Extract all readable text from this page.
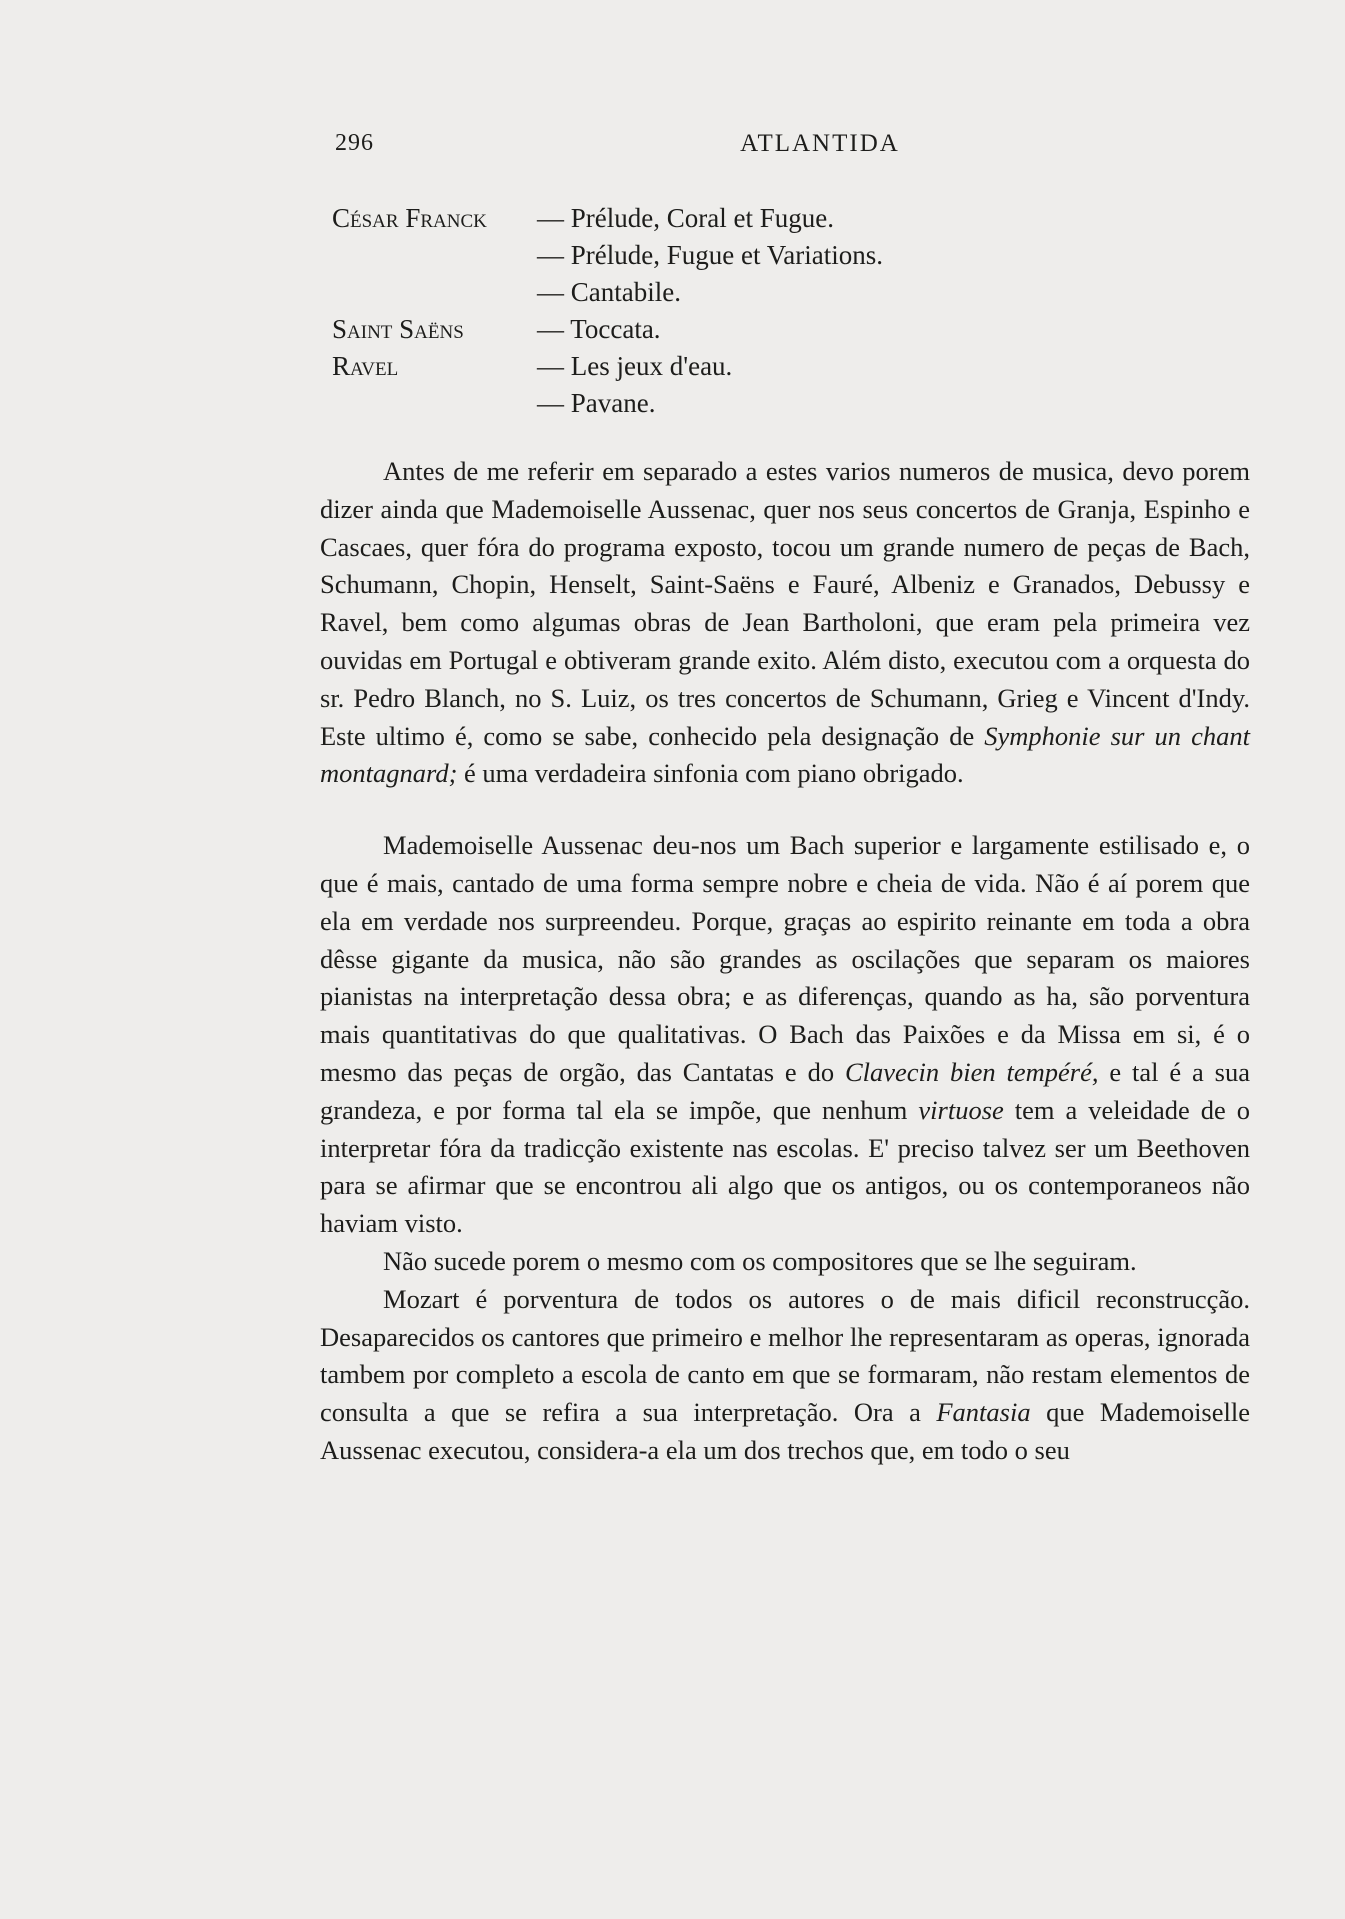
296	ATLANTIDA
César Franck — Prélude, Coral et Fugue.
— Prélude, Fugue et Variations.
— Cantabile.
Saint Saëns	— Toccata.
Ravel	— Les jeux d'eau.
— Pavane.

Antes de me referir em separado a estes varios numeros de musica, devo porem dizer ainda que Mademoiselle Aussenac, quer nos seus concertos de Granja, Espinho e Cascaes, quer fóra do programa exposto, tocou um grande numero de peças de Bach, Schumann, Chopin, Henselt, Saint-Saëns e Fauré, Albeniz e Granados, Debussy e Ravel, bem como algumas obras de Jean Bartholoni, que eram pela primeira vez ouvidas em Portugal e obtiveram grande exito. Além disto, executou com a orquesta do sr. Pedro Blanch, no S. Luiz, os tres concertos de Schumann, Grieg e Vincent d'Indy. Este ultimo é, como se sabe, conhecido pela designação de Symphonie sur un chant montagnard; é uma verdadeira sinfonia com piano obrigado.

Mademoiselle Aussenac deu-nos um Bach superior e largamente estilisado e, o que é mais, cantado de uma forma sempre nobre e cheia de vida. Não é aí porem que ela em verdade nos surpreendeu. Porque, graças ao espirito reinante em toda a obra dêsse gigante da musica, não são grandes as oscilações que separam os maiores pianistas na interpretação dessa obra; e as diferenças, quando as ha, são porventura mais quantitativas do que qualitativas. O Bach das Paixões e da Missa em si, é o mesmo das peças de orgão, das Cantatas e do Clavecin bien tempéré, e tal é a sua grandeza, e por forma tal ela se impõe, que nenhum virtuose tem a veleidade de o interpretar fóra da tradicção existente nas escolas. E' preciso talvez ser um Beethoven para se afirmar que se encontrou ali algo que os antigos, ou os contemporaneos não haviam visto.

Não sucede porem o mesmo com os compositores que se lhe seguiram.

Mozart é porventura de todos os autores o de mais dificil reconstrucção. Desaparecidos os cantores que primeiro e melhor lhe representaram as operas, ignorada tambem por completo a escola de canto em que se formaram, não restam elementos de consulta a que se refira a sua interpretação. Ora a Fantasia que Mademoiselle Aussenac executou, considera-a ela um dos trechos que, em todo o seu
